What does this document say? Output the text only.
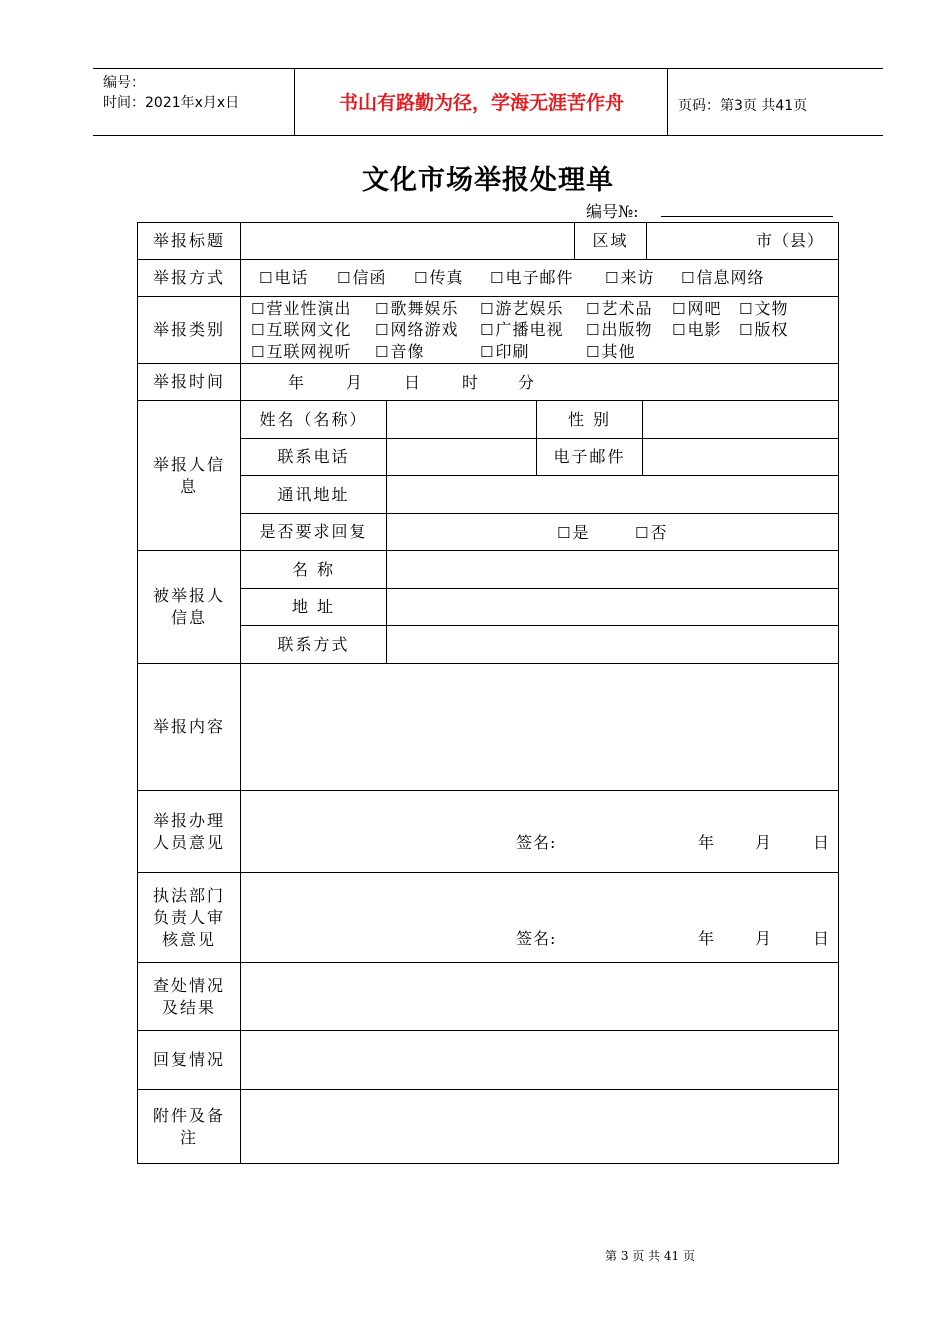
编号：
时间：2021年x月x日	书山有路勤为径，学海无涯苦作舟	页码：第3页 共41页
文化市场举报处理单
编号№:
举报标题	区域	市（县）
举报方式	☐电话 ☐信函 ☐传真 ☐电子邮件 ☐来访 ☐信息网络
举报类别
☐营业性演出 ☐歌舞娱乐 ☐游艺娱乐 ☐艺术品 ☐网吧 ☐文物
☐互联网文化 ☐网络游戏 ☐广播电视 ☐出版物 ☐电影 ☐版权
☐互联网视听 ☐音像	☐印刷	☐其他
举报时间	年	月	日	时 分
举报人信息
姓名（名称）	性 别
联系电话	电子邮件
通讯地址
是否要求回复	☐是	☐否
被举报人信息
名 称
地 址
联系方式
举报内容
举报办理人员意见	签名:	年 月	日
执法部门负责人审核意见	签名:	年 月	日
查处情况及结果
回复情况
附件及备注
第 3 页 共 41 页
